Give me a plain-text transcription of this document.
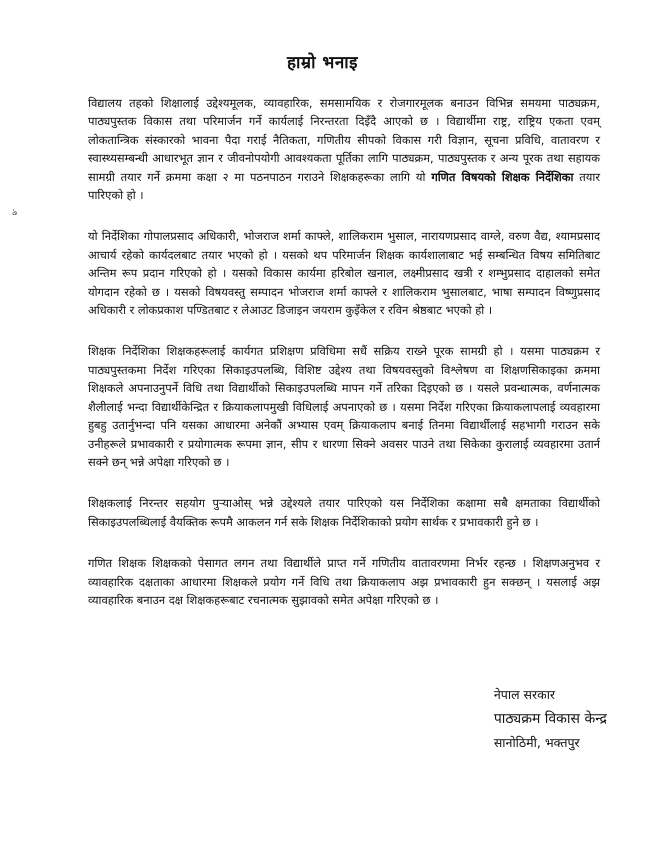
हाम्रो भनाइ
ঌ

विद्यालय तहको शिक्षालाई उद्देश्यमूलक, व्यावहारिक, समसामयिक र रोजगारमूलक बनाउन विभिन्न समयमा पाठ्यक्रम, पाठ्यपुस्तक विकास तथा परिमार्जन गर्ने कार्यलाई निरन्तरता दिइँदै आएको छ । विद्यार्थीमा राष्ट्र, राष्ट्रिय एकता एवम् लोकतान्त्रिक संस्कारको भावना पैदा गराई नैतिकता, गणितीय सीपको विकास गरी विज्ञान, सूचना प्रविधि, वातावरण र स्वास्थ्यसम्बन्धी आधारभूत ज्ञान र जीवनोपयोगी आवश्यकता पूर्तिका लागि पाठ्यक्रम, पाठ्यपुस्तक र अन्य पूरक तथा सहायक सामग्री तयार गर्ने क्रममा कक्षा २ मा पठनपाठन गराउने शिक्षकहरूका लागि यो गणित विषयको शिक्षक निर्देशिका तयार पारिएको हो ।

यो निर्देशिका गोपालप्रसाद अधिकारी, भोजराज शर्मा काफ्ले, शालिकराम भुसाल, नारायणप्रसाद वाग्ले, वरुण वैद्य, श्यामप्रसाद आचार्य रहेको कार्यदलबाट तयार भएको हो । यसको थप परिमार्जन शिक्षक कार्यशालाबाट भई सम्बन्धित विषय समितिबाट अन्तिम रूप प्रदान गरिएको हो । यसको विकास कार्यमा हरिबोल खनाल, लक्ष्मीप्रसाद खत्री र शम्भुप्रसाद दाहालको समेत योगदान रहेको छ । यसको विषयवस्तु सम्पादन भोजराज शर्मा काफ्ले र शालिकराम भुसालबाट, भाषा सम्पादन विष्णुप्रसाद अधिकारी र लोकप्रकाश पण्डितबाट र लेआउट डिजाइन जयराम कुइँकेल र रविन श्रेष्ठबाट भएको हो ।

शिक्षक निर्देशिका शिक्षकहरूलाई कार्यगत प्रशिक्षण प्रविधिमा सधैं सक्रिय राख्ने पूरक सामग्री हो । यसमा पाठ्यक्रम र पाठ्यपुस्तकमा निर्देश गरिएका सिकाइउपलब्धि, विशिष्ट उद्देश्य तथा विषयवस्तुको विश्लेषण वा शिक्षणसिकाइका क्रममा शिक्षकले अपनाउनुपर्ने विधि तथा विद्यार्थीको सिकाइउपलब्धि मापन गर्ने तरिका दिइएको छ । यसले प्रवन्धात्मक, वर्णनात्मक शैलीलाई भन्दा विद्यार्थीकेन्द्रित र क्रियाकलापमुखी विधिलाई अपनाएको छ । यसमा निर्देश गरिएका क्रियाकलापलाई व्यवहारमा हुबहु उतार्नुभन्दा पनि यसका आधारमा अनेकौं अभ्यास एवम् क्रियाकलाप बनाई तिनमा विद्यार्थीलाई सहभागी गराउन सके उनीहरूले प्रभावकारी र प्रयोगात्मक रूपमा ज्ञान, सीप र धारणा सिक्ने अवसर पाउने तथा सिकेका कुरालाई व्यवहारमा उतार्न सक्ने छन् भन्ने अपेक्षा गरिएको छ ।

शिक्षकलाई निरन्तर सहयोग पुऱ्याओस् भन्ने उद्देश्यले तयार पारिएको यस निर्देशिका कक्षामा सबै क्षमताका विद्यार्थीको सिकाइउपलब्धिलाई वैयक्तिक रूपमै आकलन गर्न सके शिक्षक निर्देशिकाको प्रयोग सार्थक र प्रभावकारी हुने छ ।

गणित शिक्षक शिक्षकको पेसागत लगन तथा विद्यार्थीले प्राप्त गर्ने गणितीय वातावरणमा निर्भर रहन्छ । शिक्षणअनुभव र व्यावहारिक दक्षताका आधारमा शिक्षकले प्रयोग गर्ने विधि तथा क्रियाकलाप अझ प्रभावकारी हुन सक्छन् । यसलाई अझ व्यावहारिक बनाउन दक्ष शिक्षकहरूबाट रचनात्मक सुझावको समेत अपेक्षा गरिएको छ ।

नेपाल सरकार
पाठ्यक्रम विकास केन्द्र
सानोठिमी, भक्तपुर
